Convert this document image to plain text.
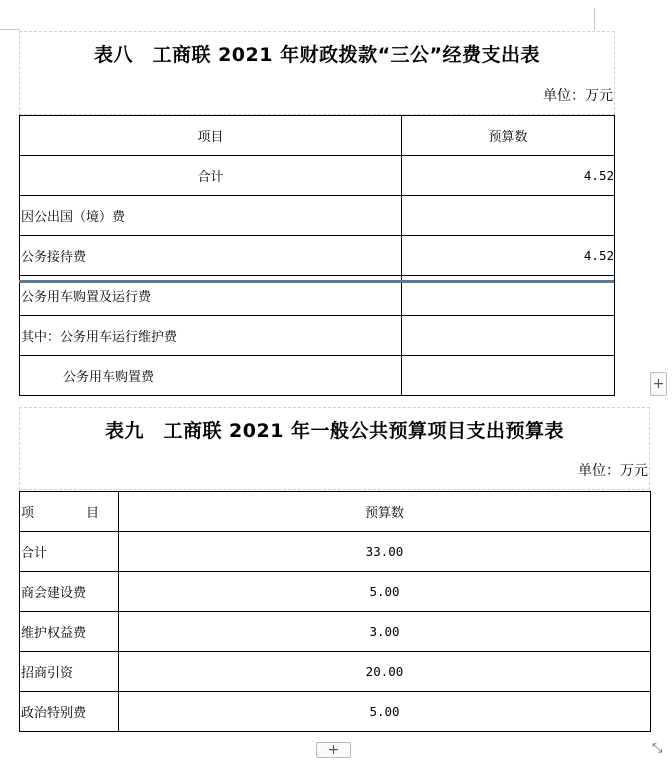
表八　工商联 2021 年财政拨款“三公”经费支出表
单位：万元
项目	预算数
合计	4.52
因公出国（境）费	
公务接待费	4.52
公务用车购置及运行费	
其中：公务用车运行维护费	
公务用车购置费		+
表九　工商联 2021 年一般公共预算项目支出预算表
单位：万元
项　　　　目	预算数
合计	33.00
商会建设费	5.00
维护权益费	3.00
招商引资	20.00
政治特别费	5.00
+	⤡
